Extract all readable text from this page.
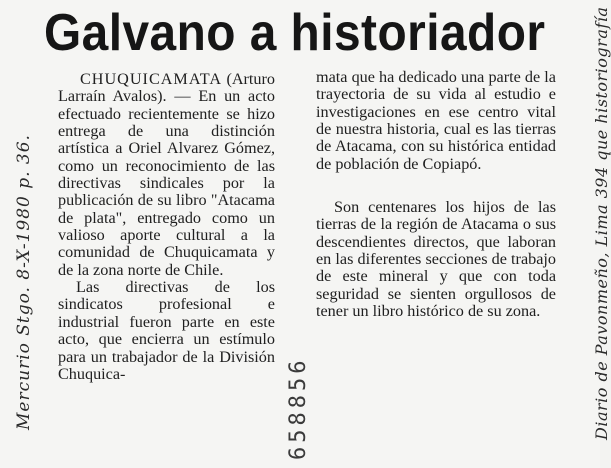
Galvano a historiador

CHUQUICAMATA (Arturo Larraín Avalos). — En un acto efectuado recientemente se hizo entrega de una distinción artística a Oriel Alvarez Gómez, como un reconocimiento de las directivas sindicales por la publicación de su libro "Atacama de plata", entregado como un valioso aporte cultural a la comunidad de Chuquicamata y de la zona norte de Chile.

Las directivas de los sindicatos profesional e industrial fueron parte en este acto, que encierra un estímulo para un trabajador de la División Chuquica-

mata que ha dedicado una parte de la trayectoria de su vida al estudio e investigaciones en ese centro vital de nuestra historia, cual es las tierras de Atacama, con su histórica entidad de población de Copiapó.

Son centenares los hijos de las tierras de la región de Atacama o sus descendientes directos, que laboran en las diferentes secciones de trabajo de este mineral y que con toda seguridad se sienten orgullosos de tener un libro histórico de su zona.

Mercurio Stgo. 8-X-1980 p. 36.	Diario de Pavonmeño, Lima 394 que historiografía
658856
